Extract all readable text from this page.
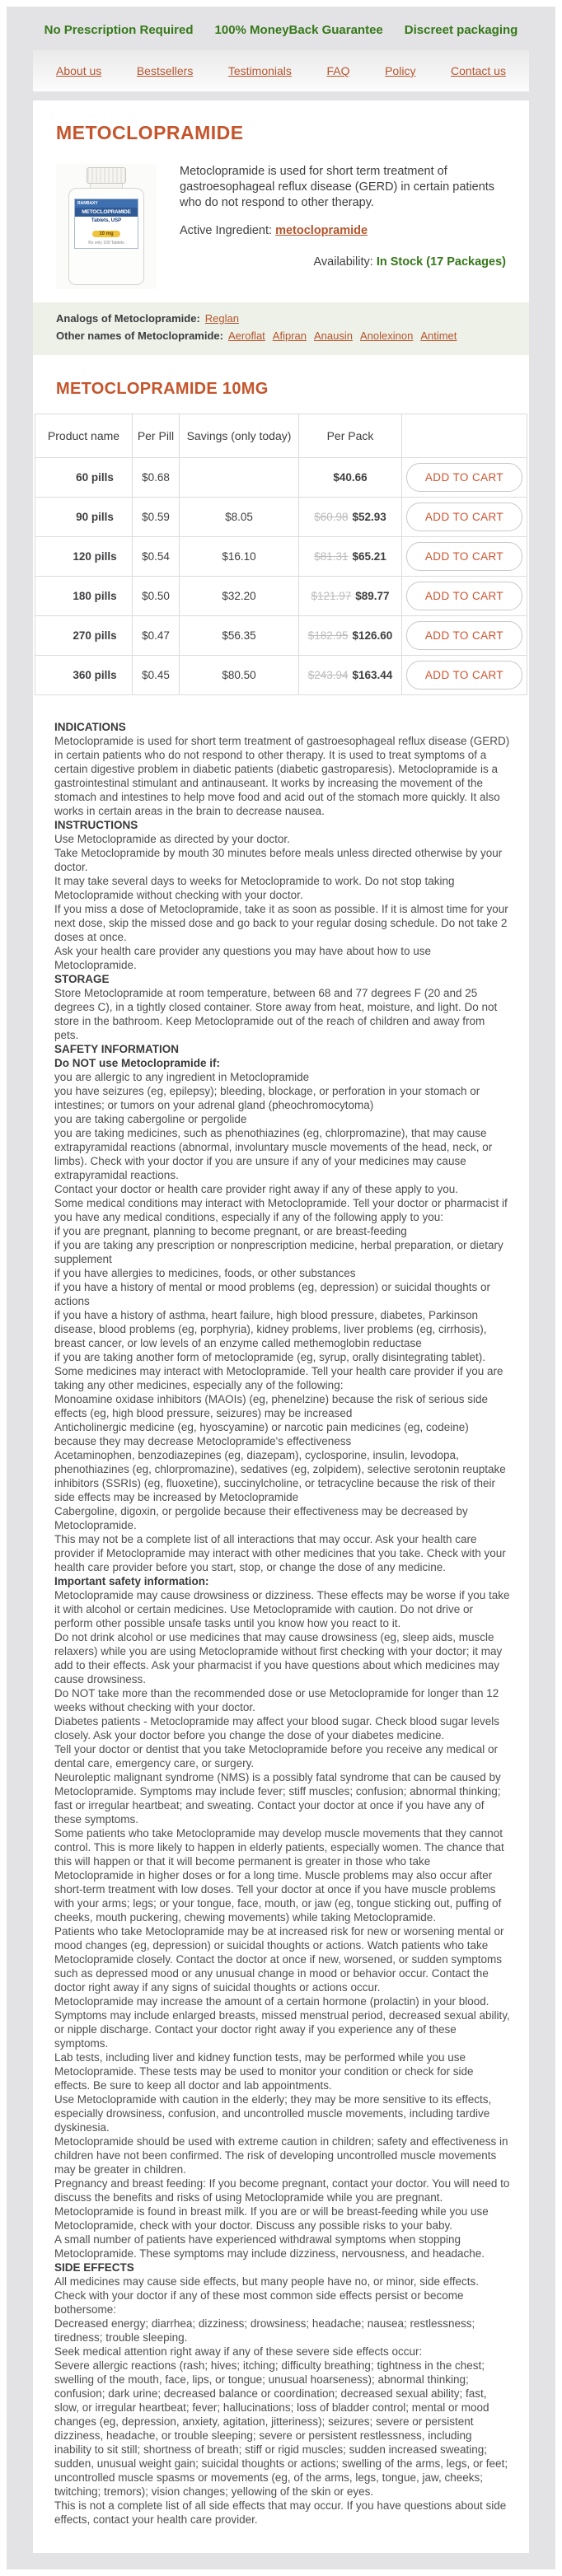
No Prescription Required 100% MoneyBack Guarantee Discreet packaging
About us	Bestsellers	Testimonials	FAQ	Policy	Contact us
METOCLOPRAMIDE
RANBAXY
METOCLOPRAMIDE
Tablets, USP
10 mg
Rx only 100 Tablets

Metoclopramide is used for short term treatment of gastroesophageal reflux disease (GERD) in certain patients who do not respond to other therapy.

Active Ingredient: metoclopramide

Availability: In Stock (17 Packages)
Analogs of Metoclopramide: Reglan
Other names of Metoclopramide: Aeroflat Afipran Anausin Anolexinon Antimet
METOCLOPRAMIDE 10MG
Product name	Per Pill	Savings (only today)	Per Pack	
60 pills	$0.68		$40.66	ADD TO CART
90 pills	$0.59	$8.05	$60.98 $52.93	ADD TO CART
120 pills	$0.54	$16.10	$81.31 $65.21	ADD TO CART
180 pills	$0.50	$32.20	$121.97 $89.77	ADD TO CART
270 pills	$0.47	$56.35	$182.95 $126.60	ADD TO CART
360 pills	$0.45	$80.50	$243.94 $163.44	ADD TO CART
INDICATIONS
Metoclopramide is used for short term treatment of gastroesophageal reflux disease (GERD) in certain patients who do not respond to other therapy. It is used to treat symptoms of a certain digestive problem in diabetic patients (diabetic gastroparesis). Metoclopramide is a gastrointestinal stimulant and antinauseant. It works by increasing the movement of the stomach and intestines to help move food and acid out of the stomach more quickly. It also works in certain areas in the brain to decrease nausea.
INSTRUCTIONS
Use Metoclopramide as directed by your doctor.
Take Metoclopramide by mouth 30 minutes before meals unless directed otherwise by your doctor.
It may take several days to weeks for Metoclopramide to work. Do not stop taking Metoclopramide without checking with your doctor.
If you miss a dose of Metoclopramide, take it as soon as possible. If it is almost time for your next dose, skip the missed dose and go back to your regular dosing schedule. Do not take 2 doses at once.
Ask your health care provider any questions you may have about how to use Metoclopramide.
STORAGE
Store Metoclopramide at room temperature, between 68 and 77 degrees F (20 and 25 degrees C), in a tightly closed container. Store away from heat, moisture, and light. Do not store in the bathroom. Keep Metoclopramide out of the reach of children and away from pets.
SAFETY INFORMATION
Do NOT use Metoclopramide if:
you are allergic to any ingredient in Metoclopramide
you have seizures (eg, epilepsy); bleeding, blockage, or perforation in your stomach or intestines; or tumors on your adrenal gland (pheochromocytoma)
you are taking cabergoline or pergolide
you are taking medicines, such as phenothiazines (eg, chlorpromazine), that may cause extrapyramidal reactions (abnormal, involuntary muscle movements of the head, neck, or limbs). Check with your doctor if you are unsure if any of your medicines may cause extrapyramidal reactions.
Contact your doctor or health care provider right away if any of these apply to you.
Some medical conditions may interact with Metoclopramide. Tell your doctor or pharmacist if you have any medical conditions, especially if any of the following apply to you:
if you are pregnant, planning to become pregnant, or are breast-feeding
if you are taking any prescription or nonprescription medicine, herbal preparation, or dietary supplement
if you have allergies to medicines, foods, or other substances
if you have a history of mental or mood problems (eg, depression) or suicidal thoughts or actions
if you have a history of asthma, heart failure, high blood pressure, diabetes, Parkinson disease, blood problems (eg, porphyria), kidney problems, liver problems (eg, cirrhosis), breast cancer, or low levels of an enzyme called methemoglobin reductase
if you are taking another form of metoclopramide (eg, syrup, orally disintegrating tablet).
Some medicines may interact with Metoclopramide. Tell your health care provider if you are taking any other medicines, especially any of the following:
Monoamine oxidase inhibitors (MAOIs) (eg, phenelzine) because the risk of serious side effects (eg, high blood pressure, seizures) may be increased
Anticholinergic medicine (eg, hyoscyamine) or narcotic pain medicines (eg, codeine) because they may decrease Metoclopramide's effectiveness
Acetaminophen, benzodiazepines (eg, diazepam), cyclosporine, insulin, levodopa, phenothiazines (eg, chlorpromazine), sedatives (eg, zolpidem), selective serotonin reuptake inhibitors (SSRIs) (eg, fluoxetine), succinylcholine, or tetracycline because the risk of their side effects may be increased by Metoclopramide
Cabergoline, digoxin, or pergolide because their effectiveness may be decreased by Metoclopramide.
This may not be a complete list of all interactions that may occur. Ask your health care provider if Metoclopramide may interact with other medicines that you take. Check with your health care provider before you start, stop, or change the dose of any medicine.
Important safety information:
Metoclopramide may cause drowsiness or dizziness. These effects may be worse if you take it with alcohol or certain medicines. Use Metoclopramide with caution. Do not drive or perform other possible unsafe tasks until you know how you react to it.
Do not drink alcohol or use medicines that may cause drowsiness (eg, sleep aids, muscle relaxers) while you are using Metoclopramide without first checking with your doctor; it may add to their effects. Ask your pharmacist if you have questions about which medicines may cause drowsiness.
Do NOT take more than the recommended dose or use Metoclopramide for longer than 12 weeks without checking with your doctor.
Diabetes patients - Metoclopramide may affect your blood sugar. Check blood sugar levels closely. Ask your doctor before you change the dose of your diabetes medicine.
Tell your doctor or dentist that you take Metoclopramide before you receive any medical or dental care, emergency care, or surgery.
Neuroleptic malignant syndrome (NMS) is a possibly fatal syndrome that can be caused by Metoclopramide. Symptoms may include fever; stiff muscles; confusion; abnormal thinking; fast or irregular heartbeat; and sweating. Contact your doctor at once if you have any of these symptoms.
Some patients who take Metoclopramide may develop muscle movements that they cannot control. This is more likely to happen in elderly patients, especially women. The chance that this will happen or that it will become permanent is greater in those who take Metoclopramide in higher doses or for a long time. Muscle problems may also occur after short-term treatment with low doses. Tell your doctor at once if you have muscle problems with your arms; legs; or your tongue, face, mouth, or jaw (eg, tongue sticking out, puffing of cheeks, mouth puckering, chewing movements) while taking Metoclopramide.
Patients who take Metoclopramide may be at increased risk for new or worsening mental or mood changes (eg, depression) or suicidal thoughts or actions. Watch patients who take Metoclopramide closely. Contact the doctor at once if new, worsened, or sudden symptoms such as depressed mood or any unusual change in mood or behavior occur. Contact the doctor right away if any signs of suicidal thoughts or actions occur.
Metoclopramide may increase the amount of a certain hormone (prolactin) in your blood. Symptoms may include enlarged breasts, missed menstrual period, decreased sexual ability, or nipple discharge. Contact your doctor right away if you experience any of these symptoms.
Lab tests, including liver and kidney function tests, may be performed while you use Metoclopramide. These tests may be used to monitor your condition or check for side effects. Be sure to keep all doctor and lab appointments.
Use Metoclopramide with caution in the elderly; they may be more sensitive to its effects, especially drowsiness, confusion, and uncontrolled muscle movements, including tardive dyskinesia.
Metoclopramide should be used with extreme caution in children; safety and effectiveness in children have not been confirmed. The risk of developing uncontrolled muscle movements may be greater in children.
Pregnancy and breast feeding: If you become pregnant, contact your doctor. You will need to discuss the benefits and risks of using Metoclopramide while you are pregnant. Metoclopramide is found in breast milk. If you are or will be breast-feeding while you use Metoclopramide, check with your doctor. Discuss any possible risks to your baby.
A small number of patients have experienced withdrawal symptoms when stopping Metoclopramide. These symptoms may include dizziness, nervousness, and headache.
SIDE EFFECTS
All medicines may cause side effects, but many people have no, or minor, side effects.
Check with your doctor if any of these most common side effects persist or become bothersome:
Decreased energy; diarrhea; dizziness; drowsiness; headache; nausea; restlessness; tiredness; trouble sleeping.
Seek medical attention right away if any of these severe side effects occur:
Severe allergic reactions (rash; hives; itching; difficulty breathing; tightness in the chest; swelling of the mouth, face, lips, or tongue; unusual hoarseness); abnormal thinking; confusion; dark urine; decreased balance or coordination; decreased sexual ability; fast, slow, or irregular heartbeat; fever; hallucinations; loss of bladder control; mental or mood changes (eg, depression, anxiety, agitation, jitteriness); seizures; severe or persistent dizziness, headache, or trouble sleeping; severe or persistent restlessness, including inability to sit still; shortness of breath; stiff or rigid muscles; sudden increased sweating; sudden, unusual weight gain; suicidal thoughts or actions; swelling of the arms, legs, or feet; uncontrolled muscle spasms or movements (eg, of the arms, legs, tongue, jaw, cheeks; twitching; tremors); vision changes; yellowing of the skin or eyes.
This is not a complete list of all side effects that may occur. If you have questions about side effects, contact your health care provider.
